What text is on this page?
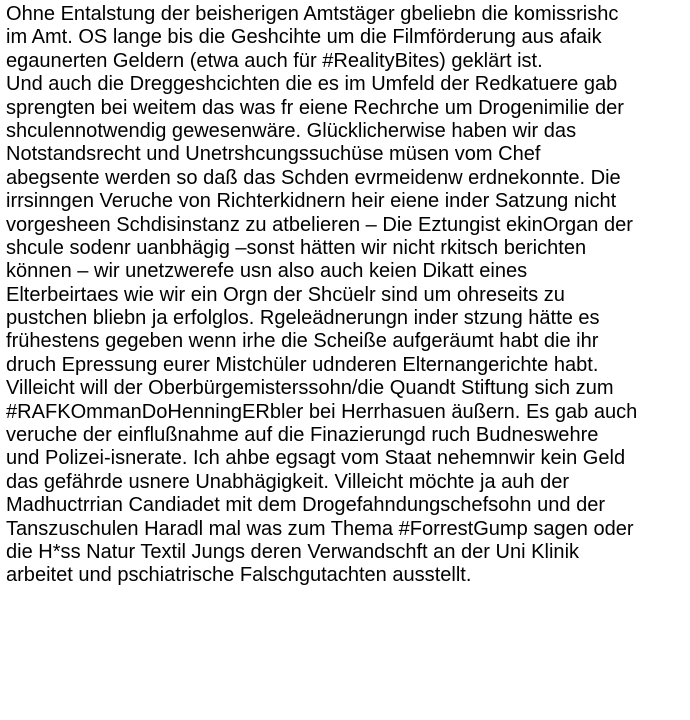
Ohne Entalstung der beisherigen Amtstäger gbeliebn die komissrishc
im Amt. OS lange bis die Geshcihte um die Filmförderung aus afaik
egaunerten Geldern (etwa auch für #RealityBites) geklärt ist.
Und auch die Dreggeshcichten die es im Umfeld der Redkatuere gab
sprengten bei weitem das was fr eiene Rechrche um Drogenimilie der
shculennotwendig gewesenwäre. Glücklicherwise haben wir das
Notstandsrecht und Unetrshcungssuchüse müsen vom Chef
abegsente werden so daß das Schden evrmeidenw erdnekonnte. Die
irrsinngen Veruche von Richterkidnern heir eiene inder Satzung nicht
vorgesheen Schdisinstanz zu atbelieren – Die Eztungist ekinOrgan der
shcule sodenr uanbhägig –sonst hätten wir nicht rkitsch berichten
können – wir unetzwerefe usn also auch keien Dikatt eines
Elterbeirtaes wie wir ein Orgn der Shcüelr sind um ohreseits zu
pustchen bliebn ja erfolglos. Rgeleädnerungn inder stzung hätte es
frühestens gegeben wenn irhe die Scheiße aufgeräumt habt die ihr
druch Epressung eurer Mistchüler udnderen Elternangerichte habt.
Villeicht will der Oberbürgemisterssohn/die Quandt Stiftung sich zum
#RAFKOmmanDoHenningERbler bei Herrhasuen äußern. Es gab auch
veruche der einflußnahme auf die Finazierungd ruch Budneswehre
und Polizei-isnerate. Ich ahbe egsagt vom Staat nehemnwir kein Geld
das gefährde usnere Unabhägigkeit. Villeicht möchte ja auh der
Madhuctrrian Candiadet mit dem Drogefahndungschefsohn und der
Tanszuschulen Haradl mal was zum Thema #ForrestGump sagen oder
die H*ss Natur Textil Jungs deren Verwandschft an der Uni Klinik
arbeitet und pschiatrische Falschgutachten ausstellt.
